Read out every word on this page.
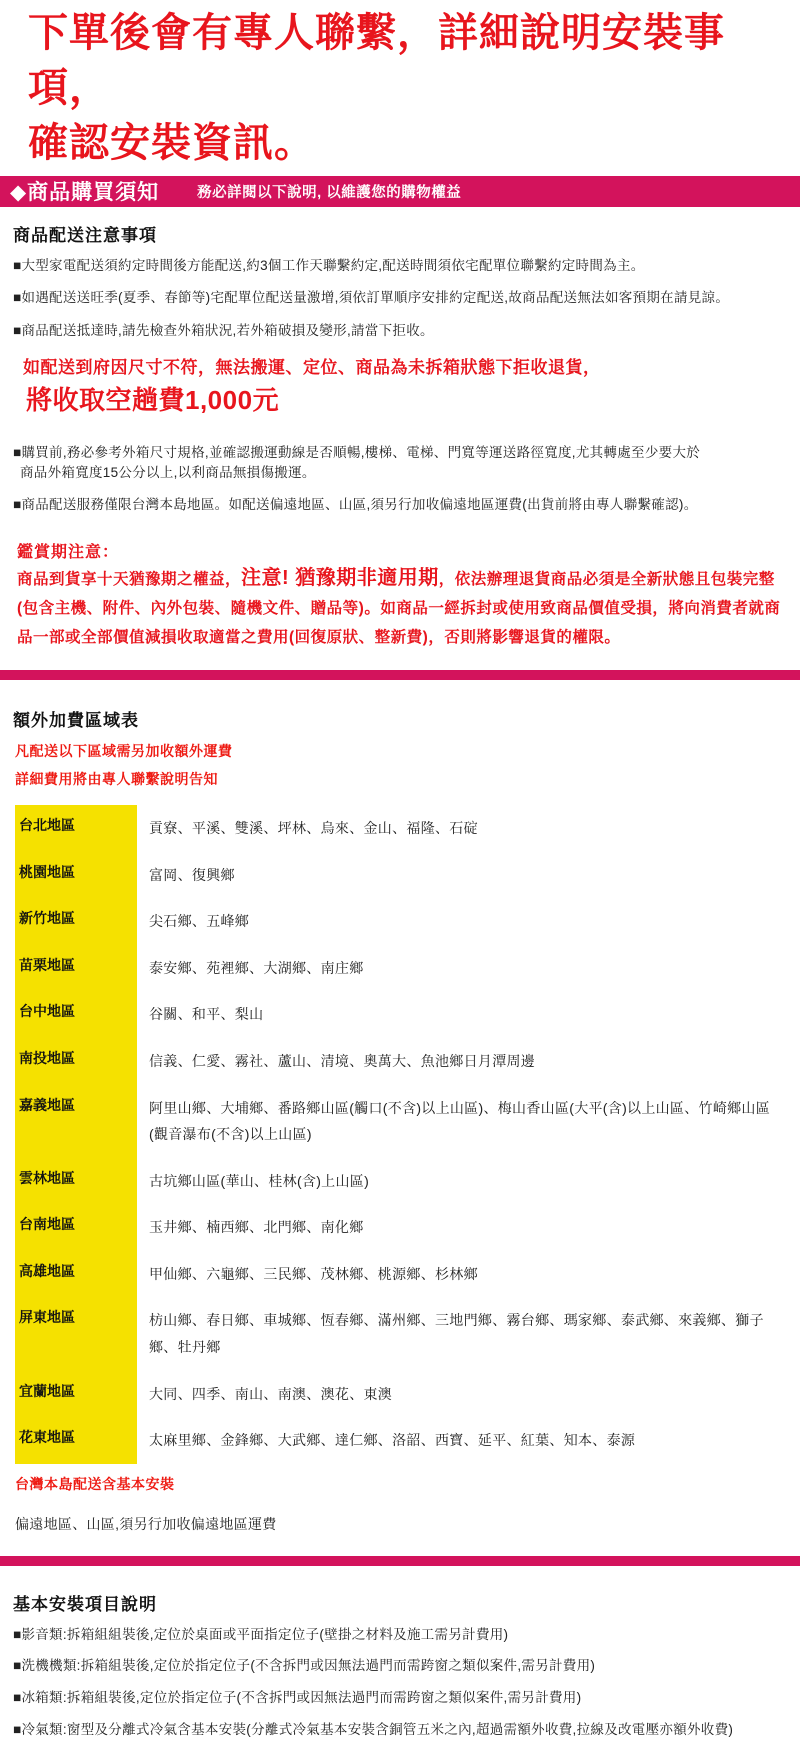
下單後會有專人聯繫，詳細說明安裝事項，
確認安裝資訊。
◆商品購買須知	務必詳閱以下說明, 以維護您的購物權益
商品配送注意事項

■大型家電配送須約定時間後方能配送,約3個工作天聯繫約定,配送時間須依宅配單位聯繫約定時間為主。

■如遇配送送旺季(夏季、春節等)宅配單位配送量激增,須依訂單順序安排約定配送,故商品配送無法如客預期在請見諒。

■商品配送抵達時,請先檢查外箱狀況,若外箱破損及變形,請當下拒收。

如配送到府因尺寸不符，無法搬運、定位、商品為未拆箱狀態下拒收退貨，

將收取空趟費1,000元

■購買前,務必參考外箱尺寸規格,並確認搬運動線是否順暢,樓梯、電梯、門寬等運送路徑寬度,尤其轉處至少要大於
商品外箱寬度15公分以上,以利商品無損傷搬運。

■商品配送服務僅限台灣本島地區。如配送偏遠地區、山區,須另行加收偏遠地區運費(出貨前將由專人聯繫確認)。

鑑賞期注意：

商品到貨享十天猶豫期之權益，注意! 猶豫期非適用期，依法辦理退貨商品必須是全新狀態且包裝完整(包含主機、附件、內外包裝、隨機文件、贈品等)。如商品一經拆封或使用致商品價值受損，將向消費者就商品一部或全部價值減損收取適當之費用(回復原狀、整新費)，否則將影響退貨的權限。

額外加費區域表

凡配送以下區域需另加收額外運費

詳細費用將由專人聯繫說明告知

台北地區	貢寮、平溪、雙溪、坪林、烏來、金山、福隆、石碇
桃園地區	富岡、復興鄉
新竹地區	尖石鄉、五峰鄉
苗栗地區	泰安鄉、苑裡鄉、大湖鄉、南庄鄉
台中地區	谷關、和平、梨山
南投地區	信義、仁愛、霧社、蘆山、清境、奧萬大、魚池鄉日月潭周邊
嘉義地區	阿里山鄉、大埔鄉、番路鄉山區(觸口(不含)以上山區)、梅山香山區(大平(含)以上山區、竹崎鄉山區(觀音瀑布(不含)以上山區)
雲林地區	古坑鄉山區(華山、桂林(含)上山區)
台南地區	玉井鄉、楠西鄉、北門鄉、南化鄉
高雄地區	甲仙鄉、六龜鄉、三民鄉、茂林鄉、桃源鄉、杉林鄉
屏東地區	枋山鄉、春日鄉、車城鄉、恆春鄉、滿州鄉、三地門鄉、霧台鄉、瑪家鄉、泰武鄉、來義鄉、獅子鄉、牡丹鄉
宜蘭地區	大同、四季、南山、南澳、澳花、東澳
花東地區	太麻里鄉、金鋒鄉、大武鄉、達仁鄉、洛韶、西寶、延平、紅葉、知本、泰源

台灣本島配送含基本安裝

偏遠地區、山區,須另行加收偏遠地區運費

基本安裝項目說明

■影音類:拆箱組組裝後,定位於桌面或平面指定位子(壁掛之材料及施工需另計費用)

■洗機機類:拆箱組裝後,定位於指定位子(不含拆門或因無法過門而需跨窗之類似案件,需另計費用)

■冰箱類:拆箱組裝後,定位於指定位子(不含拆門或因無法過門而需跨窗之類似案件,需另計費用)

■冷氣類:窗型及分離式冷氣含基本安裝(分離式冷氣基本安裝含銅管五米之內,超過需額外收費,拉線及改電壓亦額外收費)
